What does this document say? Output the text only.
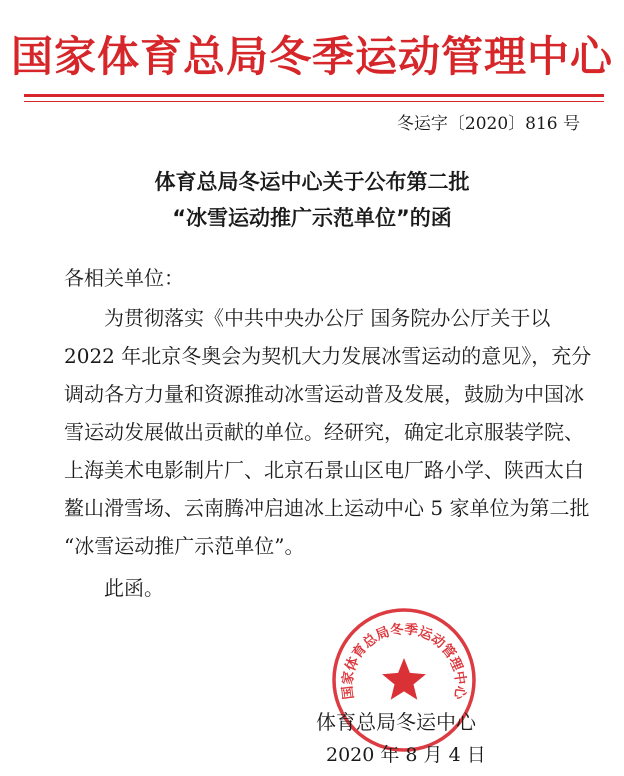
国家体育总局冬季运动管理中心
冬运字〔2020〕816 号
体育总局冬运中心关于公布第二批
“冰雪运动推广示范单位”的函
各相关单位：
为贯彻落实《中共中央办公厅 国务院办公厅关于以
2022 年北京冬奥会为契机大力发展冰雪运动的意见》，充分
调动各方力量和资源推动冰雪运动普及发展，鼓励为中国冰
雪运动发展做出贡献的单位。经研究，确定北京服装学院、
上海美术电影制片厂、北京石景山区电厂路小学、陕西太白
鳌山滑雪场、云南腾冲启迪冰上运动中心 5 家单位为第二批
“冰雪运动推广示范单位”。
此函。
国家体育总局冬季运动管理中心
体育总局冬运中心
2020 年 8 月 4 日
